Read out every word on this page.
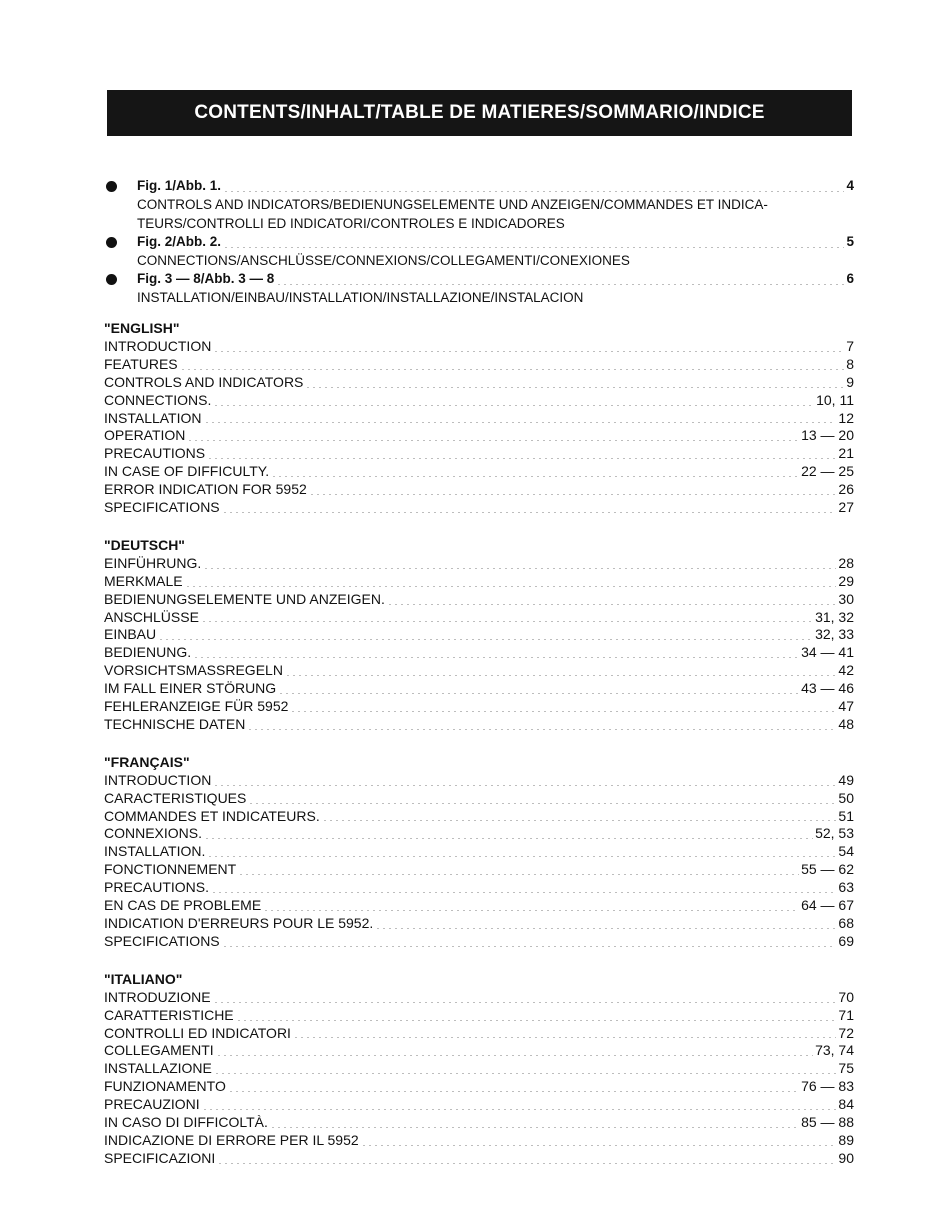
CONTENTS/INHALT/TABLE DE MATIERES/SOMMARIO/INDICE
Fig. 1/Abb. 1.	4
CONTROLS AND INDICATORS/BEDIENUNGSELEMENTE UND ANZEIGEN/COMMANDES ET INDICA-
TEURS/CONTROLLI ED INDICATORI/CONTROLES E INDICADORES
Fig. 2/Abb. 2.	5
CONNECTIONS/ANSCHLÜSSE/CONNEXIONS/COLLEGAMENTI/CONEXIONES
Fig. 3 — 8/Abb. 3 — 8	6
INSTALLATION/EINBAU/INSTALLATION/INSTALLAZIONE/INSTALACION
"ENGLISH"
INTRODUCTION	7
FEATURES	8
CONTROLS AND INDICATORS	9
CONNECTIONS.	10, 11
INSTALLATION	12
OPERATION	13 — 20
PRECAUTIONS	21
IN CASE OF DIFFICULTY.	22 — 25
ERROR INDICATION FOR 5952	26
SPECIFICATIONS	27
"DEUTSCH"
EINFÜHRUNG.	28
MERKMALE	29
BEDIENUNGSELEMENTE UND ANZEIGEN.	30
ANSCHLÜSSE	31, 32
EINBAU	32, 33
BEDIENUNG.	34 — 41
VORSICHTSMASSREGELN	42
IM FALL EINER STÖRUNG	43 — 46
FEHLERANZEIGE FÜR 5952	47
TECHNISCHE DATEN	48
"FRANÇAIS"
INTRODUCTION	49
CARACTERISTIQUES	50
COMMANDES ET INDICATEURS.	51
CONNEXIONS.	52, 53
INSTALLATION.	54
FONCTIONNEMENT	55 — 62
PRECAUTIONS.	63
EN CAS DE PROBLEME	64 — 67
INDICATION D'ERREURS POUR LE 5952.	68
SPECIFICATIONS	69
"ITALIANO"
INTRODUZIONE	70
CARATTERISTICHE	71
CONTROLLI ED INDICATORI	72
COLLEGAMENTI	73, 74
INSTALLAZIONE	75
FUNZIONAMENTO	76 — 83
PRECAUZIONI	84
IN CASO DI DIFFICOLTÀ.	85 — 88
INDICAZIONE DI ERRORE PER IL 5952	89
SPECIFICAZIONI	90
